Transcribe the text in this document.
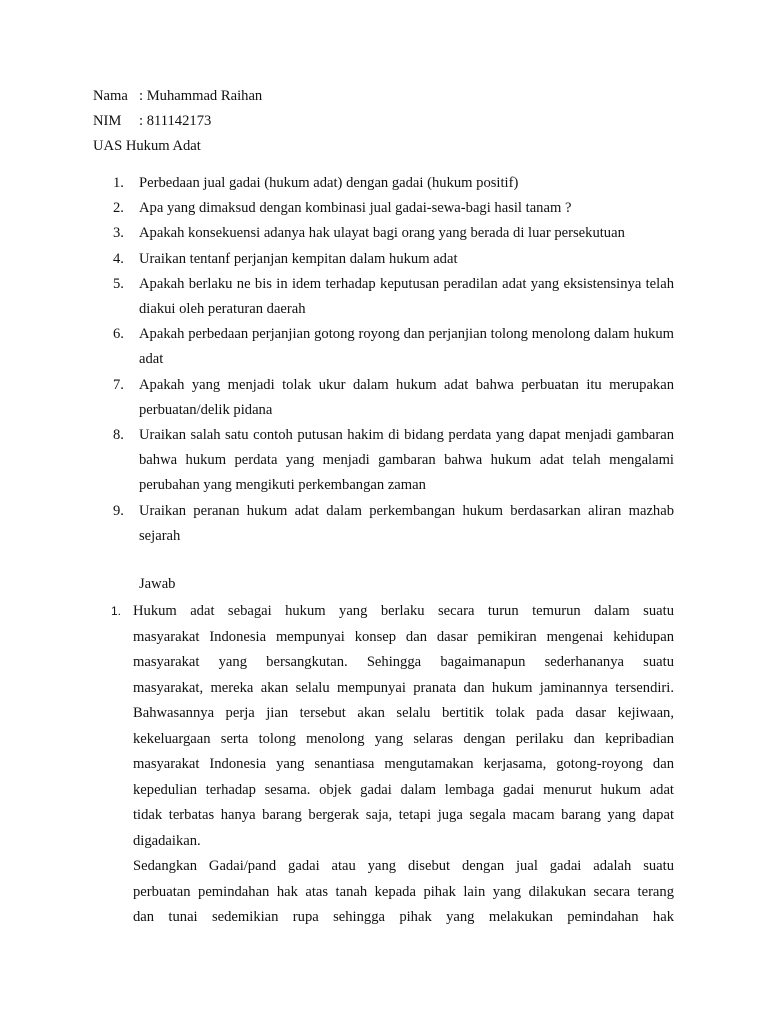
Nama : Muhammad Raihan
NIM : 811142173
UAS Hukum Adat
1.	Perbedaan jual gadai (hukum adat) dengan gadai (hukum positif)
2.	Apa yang dimaksud dengan kombinasi jual gadai-sewa-bagi hasil tanam ?
3.	Apakah konsekuensi adanya hak ulayat bagi orang yang berada di luar persekutuan
4.	Uraikan tentanf perjanjan kempitan dalam hukum adat
5.	Apakah berlaku ne bis in idem terhadap keputusan peradilan adat yang eksistensinya telah diakui oleh peraturan daerah
6.	Apakah perbedaan perjanjian gotong royong dan perjanjian tolong menolong dalam hukum adat
7.	Apakah yang menjadi tolak ukur dalam hukum adat bahwa perbuatan itu merupakan perbuatan/delik pidana
8.	Uraikan salah satu contoh putusan hakim di bidang perdata yang dapat menjadi gambaran bahwa hukum perdata yang menjadi gambaran bahwa hukum adat telah mengalami perubahan yang mengikuti perkembangan zaman
9.	Uraikan peranan hukum adat dalam perkembangan hukum berdasarkan aliran mazhab sejarah
Jawab
1. Hukum adat sebagai hukum yang berlaku secara turun temurun dalam suatu
masyarakat Indonesia mempunyai konsep dan dasar pemikiran mengenai kehidupan
masyarakat yang bersangkutan. Sehingga bagaimanapun sederhananya suatu
masyarakat, mereka akan selalu mempunyai pranata dan hukum jaminannya tersendiri.
Bahwasannya perja jian tersebut akan selalu bertitik tolak pada dasar kejiwaan,
kekeluargaan serta tolong menolong yang selaras dengan perilaku dan kepribadian
masyarakat Indonesia yang senantiasa mengutamakan kerjasama, gotong-royong dan
kepedulian terhadap sesama. objek gadai dalam lembaga gadai menurut hukum adat
tidak terbatas hanya barang bergerak saja, tetapi juga segala macam barang yang dapat
digadaikan.
Sedangkan Gadai/pand gadai atau yang disebut dengan jual gadai adalah suatu
perbuatan pemindahan hak atas tanah kepada pihak lain yang dilakukan secara terang
dan tunai sedemikian rupa sehingga pihak yang melakukan pemindahan hak
